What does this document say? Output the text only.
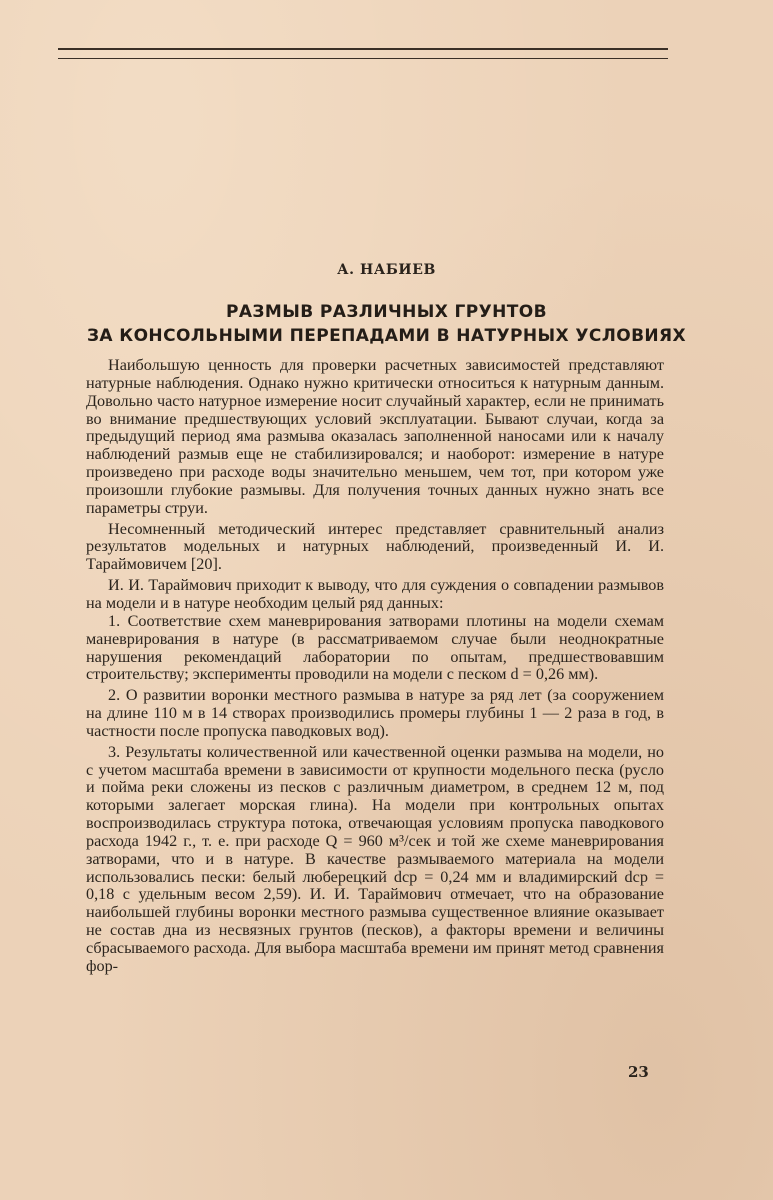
А. НАБИЕВ
РАЗМЫВ РАЗЛИЧНЫХ ГРУНТОВ
ЗА КОНСОЛЬНЫМИ ПЕРЕПАДАМИ В НАТУРНЫХ УСЛОВИЯХ

Наибольшую ценность для проверки расчетных зависимостей представляют натурные наблюдения. Однако нужно критически относиться к натурным данным. Довольно часто натурное измерение носит случайный характер, если не принимать во внимание предшествующих условий эксплуатации. Бывают случаи, когда за предыдущий период яма размыва оказалась заполненной наносами или к началу наблюдений размыв еще не стабилизировался; и наоборот: измерение в натуре произведено при расходе воды значительно меньшем, чем тот, при котором уже произошли глубокие размывы. Для получения точных данных нужно знать все параметры струи.

Несомненный методический интерес представляет сравнительный анализ результатов модельных и натурных наблюдений, произведенный И. И. Тараймовичем [20].

И. И. Тараймович приходит к выводу, что для суждения о совпадении размывов на модели и в натуре необходим целый ряд данных:

1. Соответствие схем маневрирования затворами плотины на модели схемам маневрирования в натуре (в рассматриваемом случае были неоднократные нарушения рекомендаций лаборатории по опытам, предшествовавшим строительству; эксперименты проводили на модели с песком d = 0,26 мм).

2. О развитии воронки местного размыва в натуре за ряд лет (за сооружением на длине 110 м в 14 створах производились промеры глубины 1 — 2 раза в год, в частности после пропуска паводковых вод).

3. Результаты количественной или качественной оценки размыва на модели, но с учетом масштаба времени в зависимости от крупности модельного песка (русло и пойма реки сложены из песков с различным диаметром, в среднем 12 м, под которыми залегает морская глина). На модели при контрольных опытах воспроизводилась структура потока, отвечающая условиям пропуска паводкового расхода 1942 г., т. е. при расходе Q = 960 м³/сек и той же схеме маневрирования затворами, что и в натуре. В качестве размываемого материала на модели использовались пески: белый люберецкий dср = 0,24 мм и владимирский dср = 0,18 с удельным весом 2,59). И. И. Тараймович отмечает, что на образование наибольшей глубины воронки местного размыва существенное влияние оказывает не состав дна из несвязных грунтов (песков), а факторы времени и величины сбрасываемого расхода. Для выбора масштаба времени им принят метод сравнения фор-

23
